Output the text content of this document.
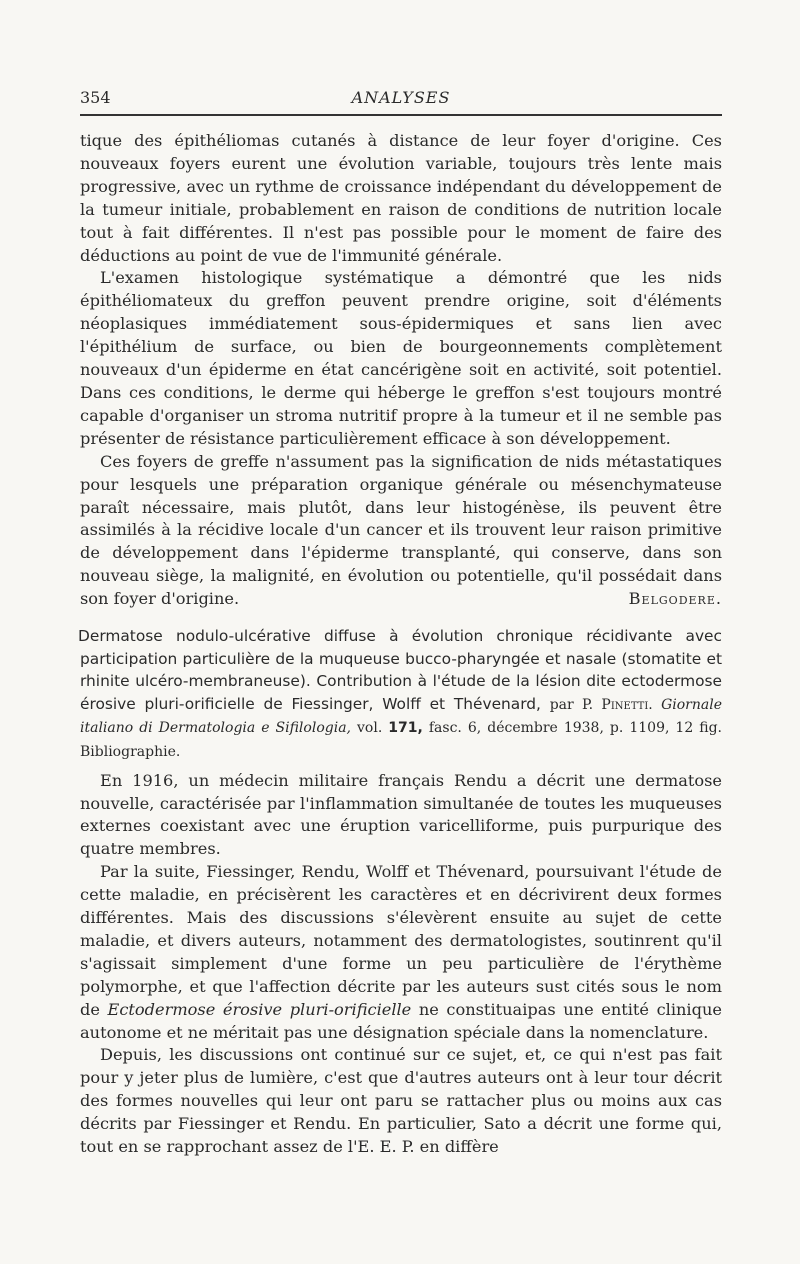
354	ANALYSES

tique des épithéliomas cutanés à distance de leur foyer d'origine. Ces nouveaux foyers eurent une évolution variable, toujours très lente mais progressive, avec un rythme de croissance indépendant du développement de la tumeur initiale, probablement en raison de conditions de nutrition locale tout à fait différentes. Il n'est pas possible pour le moment de faire des déductions au point de vue de l'immunité générale.

L'examen histologique systématique a démontré que les nids épithéliomateux du greffon peuvent prendre origine, soit d'éléments néoplasiques immédiatement sous-épidermiques et sans lien avec l'épithélium de surface, ou bien de bourgeonnements complètement nouveaux d'un épiderme en état cancérigène soit en activité, soit potentiel. Dans ces conditions, le derme qui héberge le greffon s'est toujours montré capable d'organiser un stroma nutritif propre à la tumeur et il ne semble pas présenter de résistance particulièrement efficace à son développement.

Ces foyers de greffe n'assument pas la signification de nids métastatiques pour lesquels une préparation organique générale ou mésenchymateuse paraît nécessaire, mais plutôt, dans leur histogénèse, ils peuvent être assimilés à la récidive locale d'un cancer et ils trouvent leur raison primitive de développement dans l'épiderme transplanté, qui conserve, dans son nouveau siège, la malignité, en évolution ou potentielle, qu'il possédait dans son foyer d'origine.	Belgodere.

Dermatose nodulo-ulcérative diffuse à évolution chronique récidivante avec participation particulière de la muqueuse bucco-pharyngée et nasale (stomatite et rhinite ulcéro-membraneuse). Contribution à l'étude de la lésion dite ectodermose érosive pluri-orificielle de Fiessinger, Wolff et Thévenard, par P. Pinetti. Giornale italiano di Dermatologia e Sifilologia, vol. 171, fasc. 6, décembre 1938, p. 1109, 12 fig. Bibliographie.

En 1916, un médecin militaire français Rendu a décrit une dermatose nouvelle, caractérisée par l'inflammation simultanée de toutes les muqueuses externes coexistant avec une éruption varicelliforme, puis purpurique des quatre membres.

Par la suite, Fiessinger, Rendu, Wolff et Thévenard, poursuivant l'étude de cette maladie, en précisèrent les caractères et en décrivirent deux formes différentes. Mais des discussions s'élevèrent ensuite au sujet de cette maladie, et divers auteurs, notamment des dermatologistes, soutinrent qu'il s'agissait simplement d'une forme un peu particulière de l'érythème polymorphe, et que l'affection décrite par les auteurs sust cités sous le nom de Ectodermose érosive pluri-orificielle ne constituaipas une entité clinique autonome et ne méritait pas une désignation spéciale dans la nomenclature.

Depuis, les discussions ont continué sur ce sujet, et, ce qui n'est pas fait pour y jeter plus de lumière, c'est que d'autres auteurs ont à leur tour décrit des formes nouvelles qui leur ont paru se rattacher plus ou moins aux cas décrits par Fiessinger et Rendu. En particulier, Sato a décrit une forme qui, tout en se rapprochant assez de l'E. E. P. en diffère
